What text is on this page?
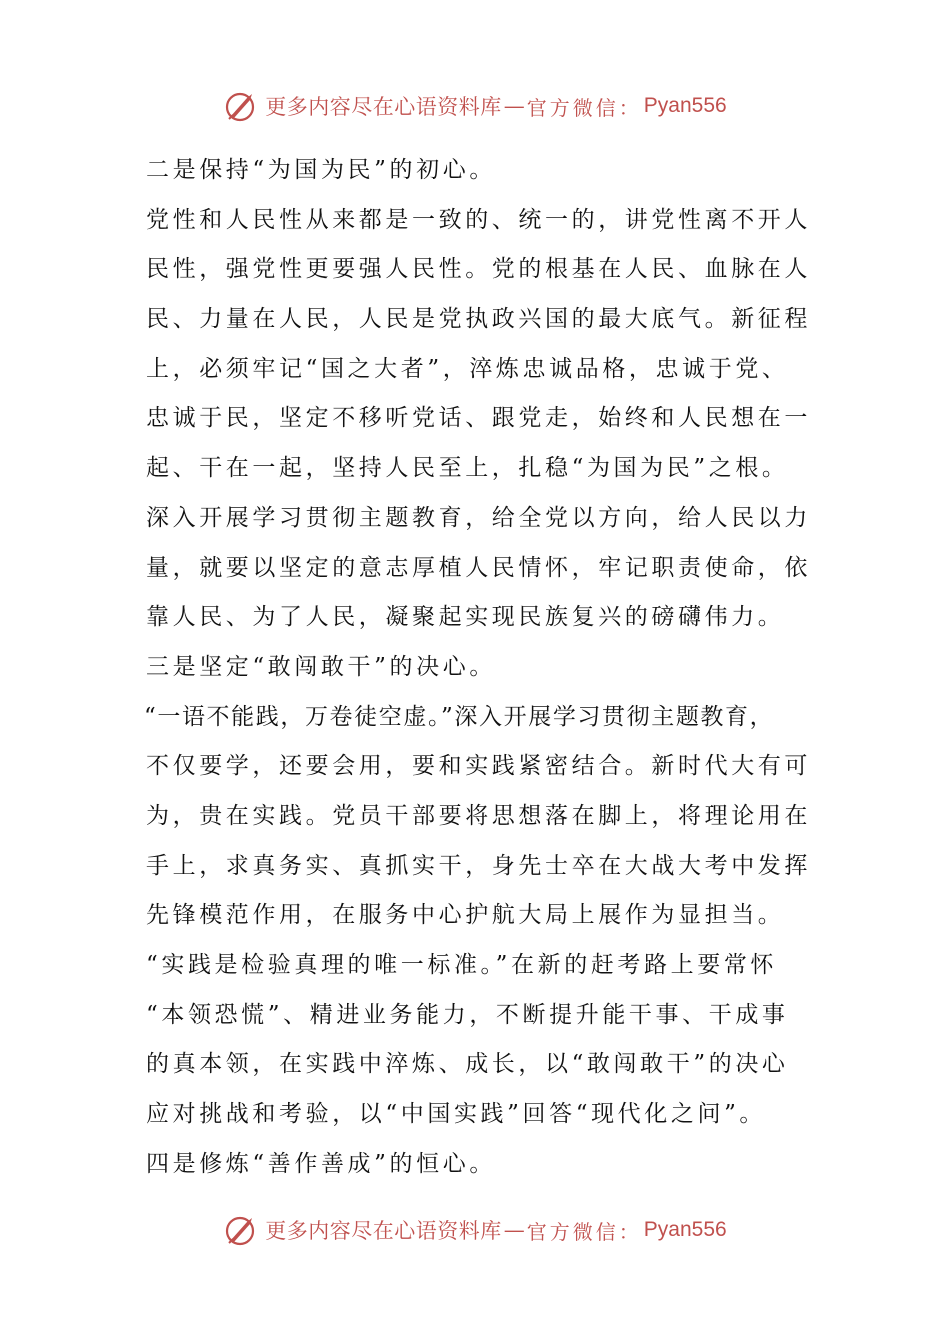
更多内容尽在心语资料库 — 官方微信： Pyan556
二是保持“为国为民”的初心。
党性和人民性从来都是一致的、统一的，讲党性离不开人
民性，强党性更要强人民性。党的根基在人民、血脉在人
民、力量在人民，人民是党执政兴国的最大底气。新征程
上，必须牢记“国之大者”，淬炼忠诚品格，忠诚于党、
忠诚于民，坚定不移听党话、跟党走，始终和人民想在一
起、干在一起，坚持人民至上，扎稳“为国为民”之根。
深入开展学习贯彻主题教育，给全党以方向，给人民以力
量，就要以坚定的意志厚植人民情怀，牢记职责使命，依
靠人民、为了人民，凝聚起实现民族复兴的磅礴伟力。
三是坚定“敢闯敢干”的决心。
“一语不能践，万卷徒空虚。”深入开展学习贯彻主题教育，
不仅要学，还要会用，要和实践紧密结合。新时代大有可
为，贵在实践。党员干部要将思想落在脚上，将理论用在
手上，求真务实、真抓实干，身先士卒在大战大考中发挥
先锋模范作用，在服务中心护航大局上展作为显担当。
“实践是检验真理的唯一标准。”在新的赶考路上要常怀
“本领恐慌”、精进业务能力，不断提升能干事、干成事
的真本领，在实践中淬炼、成长，以“敢闯敢干”的决心
应对挑战和考验，以“中国实践”回答“现代化之问”。
四是修炼“善作善成”的恒心。
更多内容尽在心语资料库 — 官方微信： Pyan556
